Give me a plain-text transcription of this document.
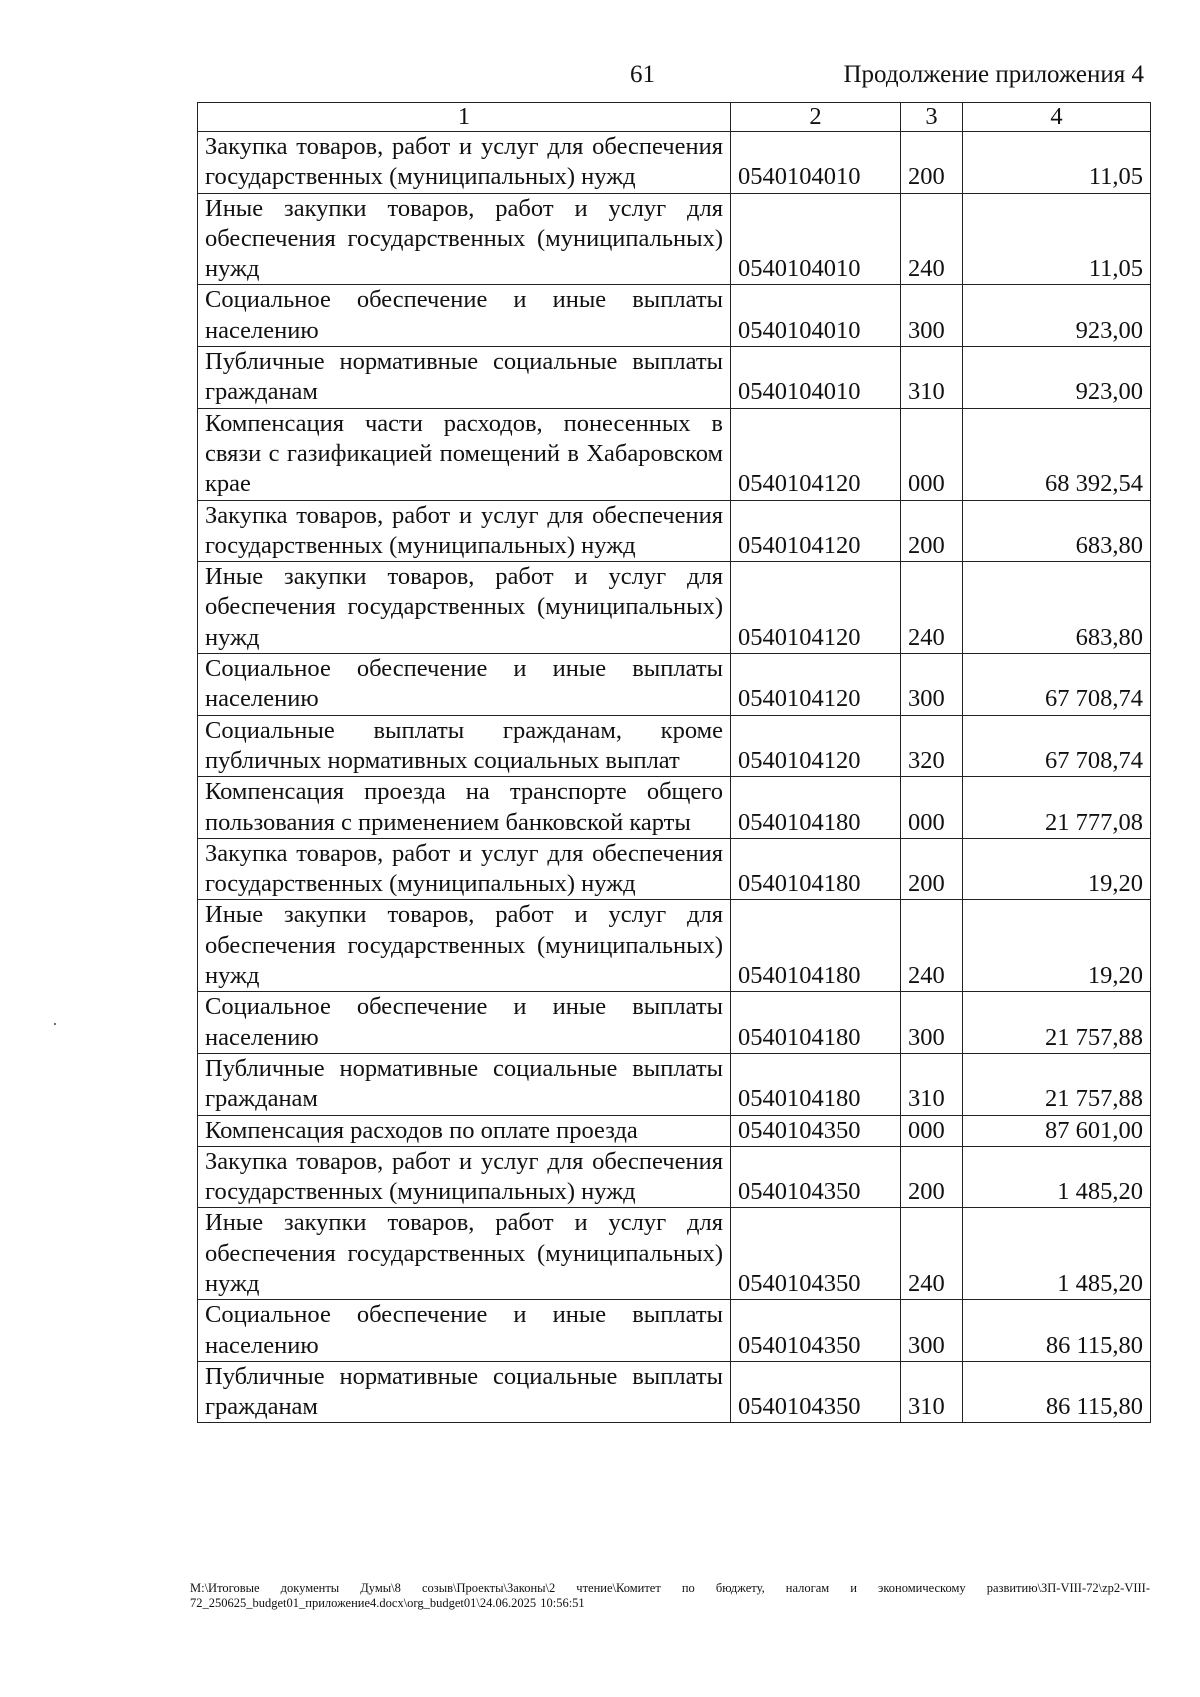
61	Продолжение приложения 4
1	2	3	4
Закупка товаров, работ и услуг для обеспечения государственных (муниципальных) нужд	0540104010	200	11,05
Иные закупки товаров, работ и услуг для обеспечения государственных (муниципальных) нужд	0540104010	240	11,05
Социальное обеспечение и иные выплаты населению	0540104010	300	923,00
Публичные нормативные социальные выплаты гражданам	0540104010	310	923,00
Компенсация части расходов, понесенных в связи с газификацией помещений в Хабаровском крае	0540104120	000	68 392,54
Закупка товаров, работ и услуг для обеспечения государственных (муниципальных) нужд	0540104120	200	683,80
Иные закупки товаров, работ и услуг для обеспечения государственных (муниципальных) нужд	0540104120	240	683,80
Социальное обеспечение и иные выплаты населению	0540104120	300	67 708,74
Социальные выплаты гражданам, кроме публичных нормативных социальных выплат	0540104120	320	67 708,74
Компенсация проезда на транспорте общего пользования с применением банковской карты	0540104180	000	21 777,08
Закупка товаров, работ и услуг для обеспечения государственных (муниципальных) нужд	0540104180	200	19,20
Иные закупки товаров, работ и услуг для обеспечения государственных (муниципальных) нужд	0540104180	240	19,20
Социальное обеспечение и иные выплаты населению	0540104180	300	21 757,88
Публичные нормативные социальные выплаты гражданам	0540104180	310	21 757,88
Компенсация расходов по оплате проезда	0540104350	000	87 601,00
Закупка товаров, работ и услуг для обеспечения государственных (муниципальных) нужд	0540104350	200	1 485,20
Иные закупки товаров, работ и услуг для обеспечения государственных (муниципальных) нужд	0540104350	240	1 485,20
Социальное обеспечение и иные выплаты населению	0540104350	300	86 115,80
Публичные нормативные социальные выплаты гражданам	0540104350	310	86 115,80
M:\Итоговые документы Думы\8 созыв\Проекты\Законы\2 чтение\Комитет по бюджету, налогам и экономическому развитию\ЗП-VIII-72\zp2-VIII-72_250625_budget01_приложение4.docx\org_budget01\24.06.2025 10:56:51
